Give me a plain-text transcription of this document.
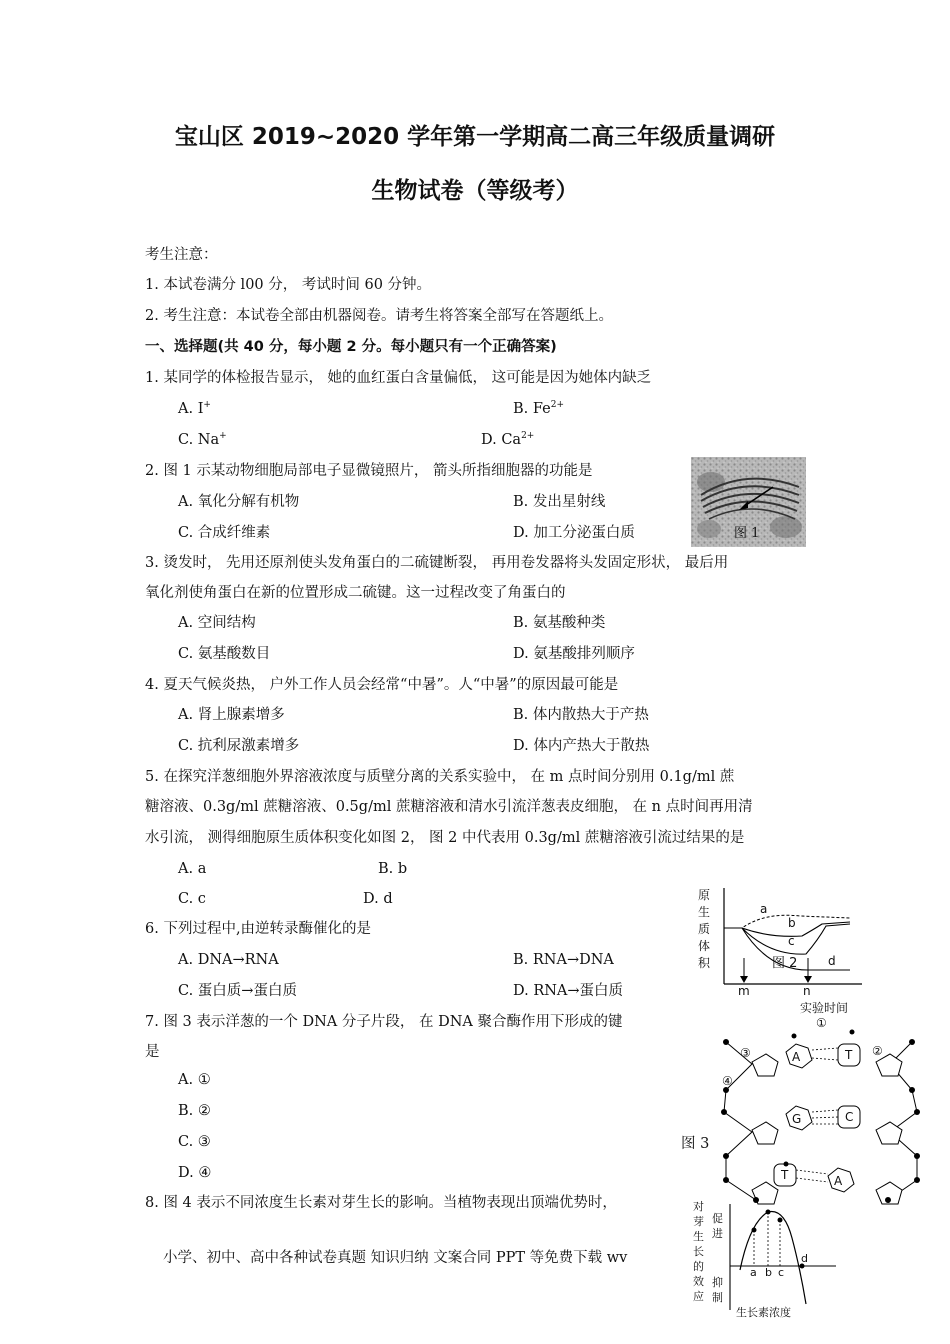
宝山区 2019~2020 学年第一学期高二高三年级质量调研
生物试卷（等级考）
考生注意：
1. 本试卷满分 l00 分， 考试时间 60 分钟。
2. 考生注意：本试卷全部由机器阅卷。请考生将答案全部写在答题纸上。
一、选择题(共 40 分，每小题 2 分。每小题只有一个正确答案)
1. 某同学的体检报告显示， 她的血红蛋白含量偏低， 这可能是因为她体内缺乏
A. I+	B. $Fe^{2+}$
C. Na+	D. $Ca^{2+}$
2. 图 1 示某动物细胞局部电子显微镜照片， 箭头所指细胞器的功能是
A. 氧化分解有机物	B. 发出星射线
C. 合成纤维素	D. 加工分泌蛋白质	图 1
3. 烫发时， 先用还原剂使头发角蛋白的二硫键断裂， 再用卷发器将头发固定形状， 最后用
氧化剂使角蛋白在新的位置形成二硫键。这一过程改变了角蛋白的
A. 空间结构	B. 氨基酸种类
C. 氨基酸数目	D. 氨基酸排列顺序
4. 夏天气候炎热， 户外工作人员会经常“中暑”。人“中暑”的原因最可能是
A. 肾上腺素增多	B. 体内散热大于产热
C. 抗利尿激素增多	D. 体内产热大于散热
5. 在探究洋葱细胞外界溶液浓度与质壁分离的关系实验中， 在 m 点时间分别用 0.1g/ml 蔗
糖溶液、0.3g/ml 蔗糖溶液、0.5g/ml 蔗糖溶液和清水引流洋葱表皮细胞， 在 n 点时间再用清
水引流， 测得细胞原生质体积变化如图 2， 图 2 中代表用 0.3g/ml 蔗糖溶液引流过结果的是
A. a	B. b
C. c	D. d	原
生
质
体
积
a
b
c
d
图 2
m	n
实验时间
6. 下列过程中,由逆转录酶催化的是
A. DNA→RNA	B. RNA→DNA
C. 蛋白质→蛋白质	D. RNA→蛋白质
7. 图 3 表示洋葱的一个 DNA 分子片段， 在 DNA 聚合酶作用下形成的键
是
A. ①
B. ②
C. ③
D. ④
图 3
A	T
G	C
T	A
①
②
③
④
8. 图 4 表示不同浓度生长素对芽生长的影响。当植物表现出顶端优势时，	对
芽
生
长
的
效
应
促
进
抑
制
a b c
d
生长素浓度
小学、初中、高中各种试卷真题 知识归纳 文案合同 PPT 等免费下载 wv
